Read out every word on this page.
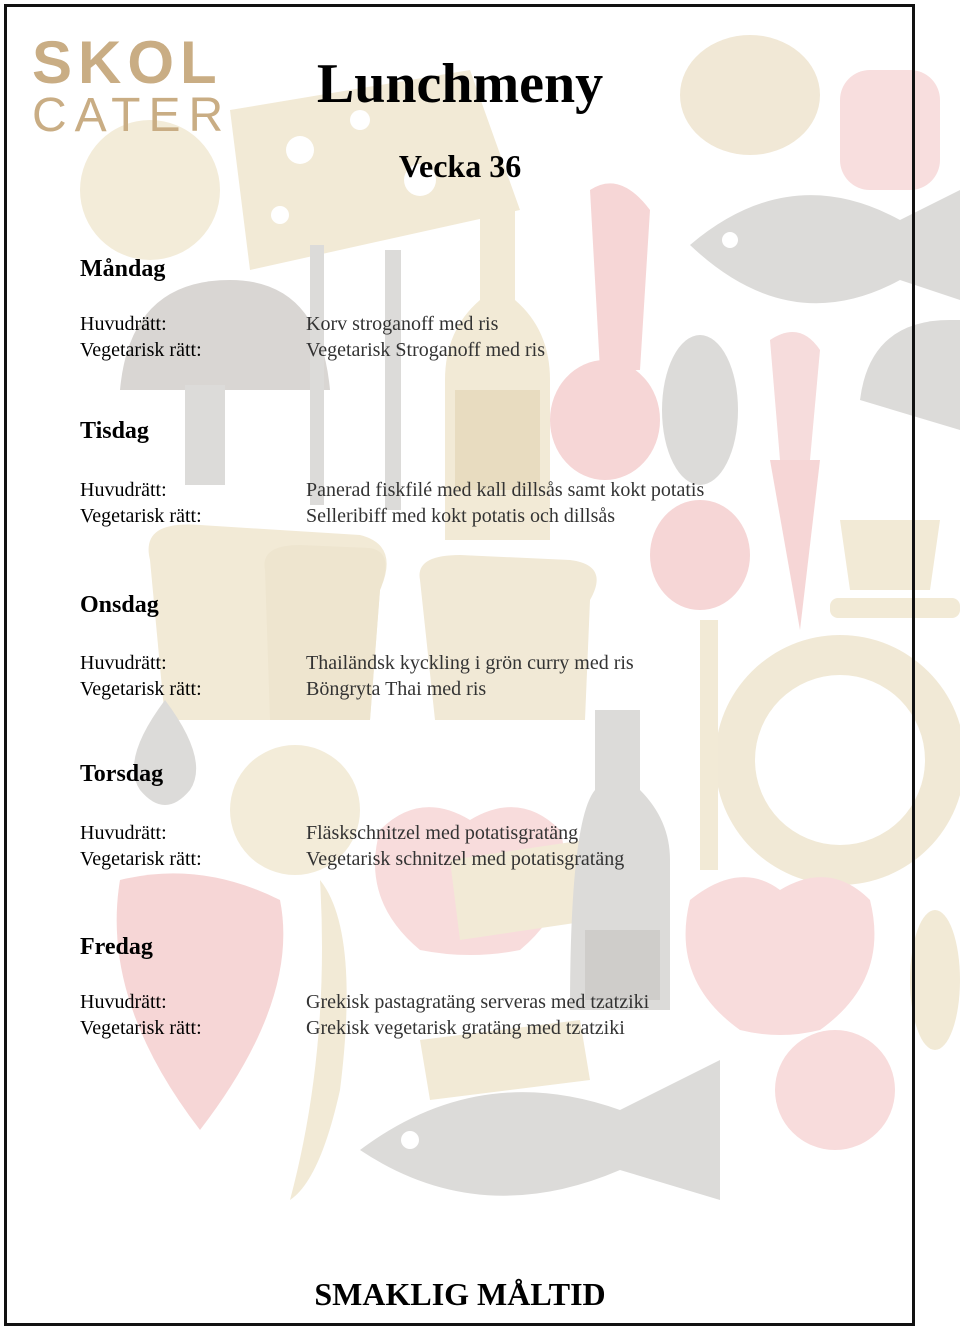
SKOL
CATER
Lunchmeny
Vecka 36
Måndag
Huvudrätt:
Vegetarisk rätt:
Korv stroganoff med ris
Vegetarisk Stroganoff med ris
Tisdag
Huvudrätt:
Vegetarisk rätt:
Panerad fiskfilé med kall dillsås samt kokt potatis
Selleribiff med kokt potatis och dillsås
Onsdag
Huvudrätt:
Vegetarisk rätt:
Thailändsk kyckling i grön curry med ris
Böngryta Thai med ris
Torsdag
Huvudrätt:
Vegetarisk rätt:
Fläskschnitzel med potatisgratäng
Vegetarisk schnitzel med potatisgratäng
Fredag
Huvudrätt:
Vegetarisk rätt:
Grekisk pastagratäng serveras med tzatziki
Grekisk vegetarisk gratäng med tzatziki
SMAKLIG MÅLTID
